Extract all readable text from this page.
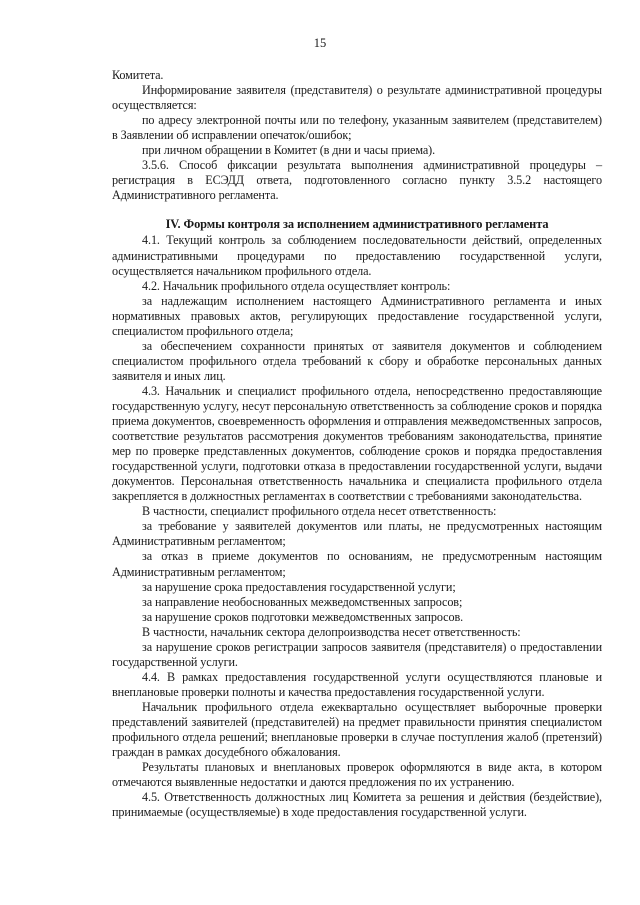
15

Комитета.

Информирование заявителя (представителя) о результате административной процедуры осуществляется:

по адресу электронной почты или по телефону, указанным заявителем (представителем) в Заявлении об исправлении опечаток/ошибок;

при личном обращении в Комитет (в дни и часы приема).

3.5.6. Способ фиксации результата выполнения административной процедуры – регистрация в ЕСЭДД ответа, подготовленного согласно пункту 3.5.2 настоящего Административного регламента.

IV. Формы контроля за исполнением административного регламента

4.1. Текущий контроль за соблюдением последовательности действий, определенных административными процедурами по предоставлению государственной услуги, осуществляется начальником профильного отдела.

4.2. Начальник профильного отдела осуществляет контроль:

за надлежащим исполнением настоящего Административного регламента и иных нормативных правовых актов, регулирующих предоставление государственной услуги, специалистом профильного отдела;

за обеспечением сохранности принятых от заявителя документов и соблюдением специалистом профильного отдела требований к сбору и обработке персональных данных заявителя и иных лиц.

4.3. Начальник и специалист профильного отдела, непосредственно предоставляющие государственную услугу, несут персональную ответственность за соблюдение сроков и порядка приема документов, своевременность оформления и отправления межведомственных запросов, соответствие результатов рассмотрения документов требованиям законодательства, принятие мер по проверке представленных документов, соблюдение сроков и порядка предоставления государственной услуги, подготовки отказа в предоставлении государственной услуги, выдачи документов. Персональная ответственность начальника и специалиста профильного отдела закрепляется в должностных регламентах в соответствии с требованиями законодательства.

В частности, специалист профильного отдела несет ответственность:

за требование у заявителей документов или платы, не предусмотренных настоящим Административным регламентом;

за отказ в приеме документов по основаниям, не предусмотренным настоящим Административным регламентом;

за нарушение срока предоставления государственной услуги;

за направление необоснованных межведомственных запросов;

за нарушение сроков подготовки межведомственных запросов.

В частности, начальник сектора делопроизводства несет ответственность:

за нарушение сроков регистрации запросов заявителя (представителя) о предоставлении государственной услуги.

4.4. В рамках предоставления государственной услуги осуществляются плановые и внеплановые проверки полноты и качества предоставления государственной услуги.

Начальник профильного отдела ежеквартально осуществляет выборочные проверки представлений заявителей (представителей) на предмет правильности принятия специалистом профильного отдела решений; внеплановые проверки в случае поступления жалоб (претензий) граждан в рамках досудебного обжалования.

Результаты плановых и внеплановых проверок оформляются в виде акта, в котором отмечаются выявленные недостатки и даются предложения по их устранению.

4.5. Ответственность должностных лиц Комитета за решения и действия (бездействие), принимаемые (осуществляемые) в ходе предоставления государственной услуги.
